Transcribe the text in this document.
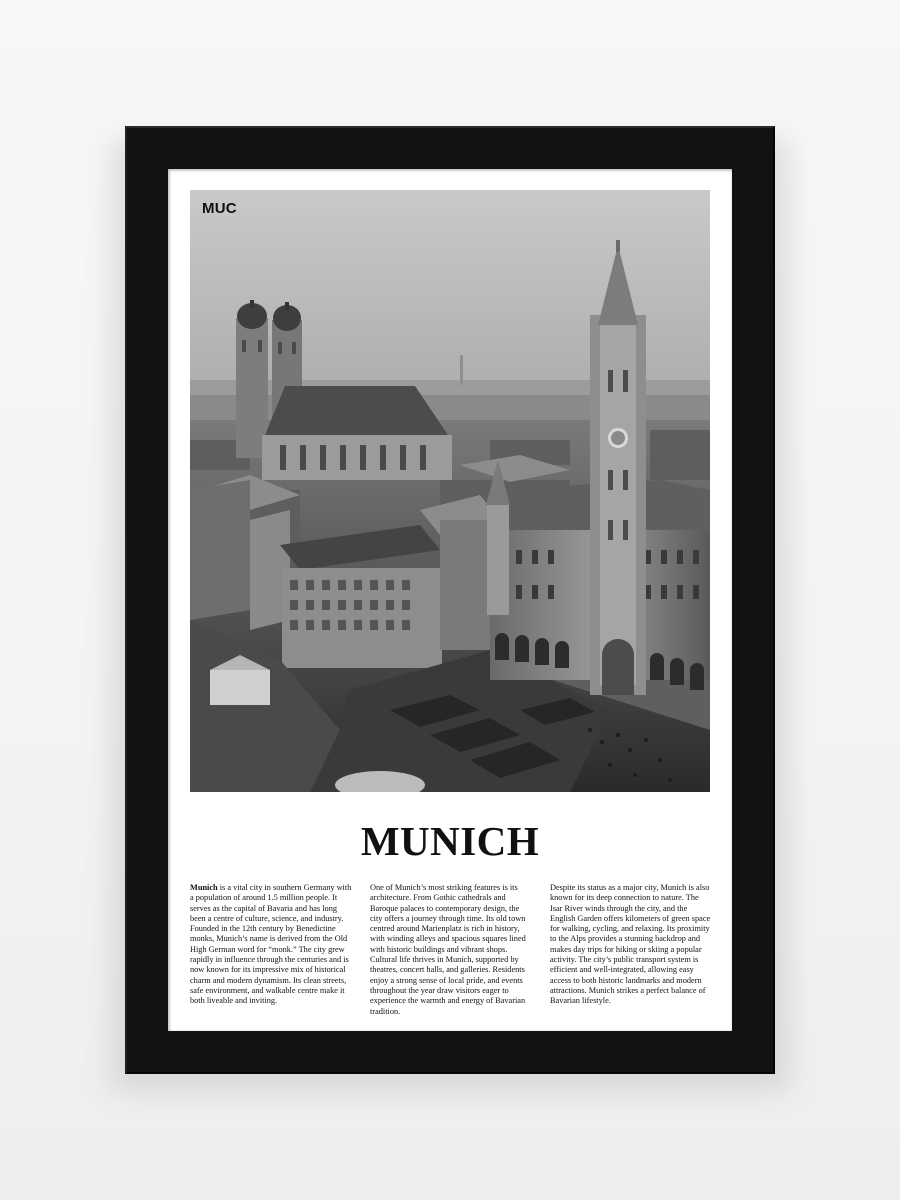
MUC
MUNICH
Munich is a vital city in southern Germany with a population of around 1.5 million people. It serves as the capital of Bavaria and has long been a centre of culture, science, and industry. Founded in the 12th century by Benedictine monks, Munich’s name is derived from the Old High German word for “monk.” The city grew rapidly in influence through the centuries and is now known for its impressive mix of historical charm and modern dynamism. Its clean streets, safe environment, and walkable centre make it both liveable and inviting.
One of Munich’s most striking features is its architecture. From Gothic cathedrals and Baroque palaces to contemporary design, the city offers a journey through time. Its old town centred around Marienplatz is rich in history, with winding alleys and spacious squares lined with historic buildings and vibrant shops. Cultural life thrives in Munich, supported by theatres, concert halls, and galleries. Residents enjoy a strong sense of local pride, and events throughout the year draw visitors eager to experience the warmth and energy of Bavarian tradition.
Despite its status as a major city, Munich is also known for its deep connection to nature. The Isar River winds through the city, and the English Garden offers kilometers of green space for walking, cycling, and relaxing. Its proximity to the Alps provides a stunning backdrop and makes day trips for hiking or skiing a popular activity. The city’s public transport system is efficient and well-integrated, allowing easy access to both historic landmarks and modern attractions. Munich strikes a perfect balance of Bavarian lifestyle.
